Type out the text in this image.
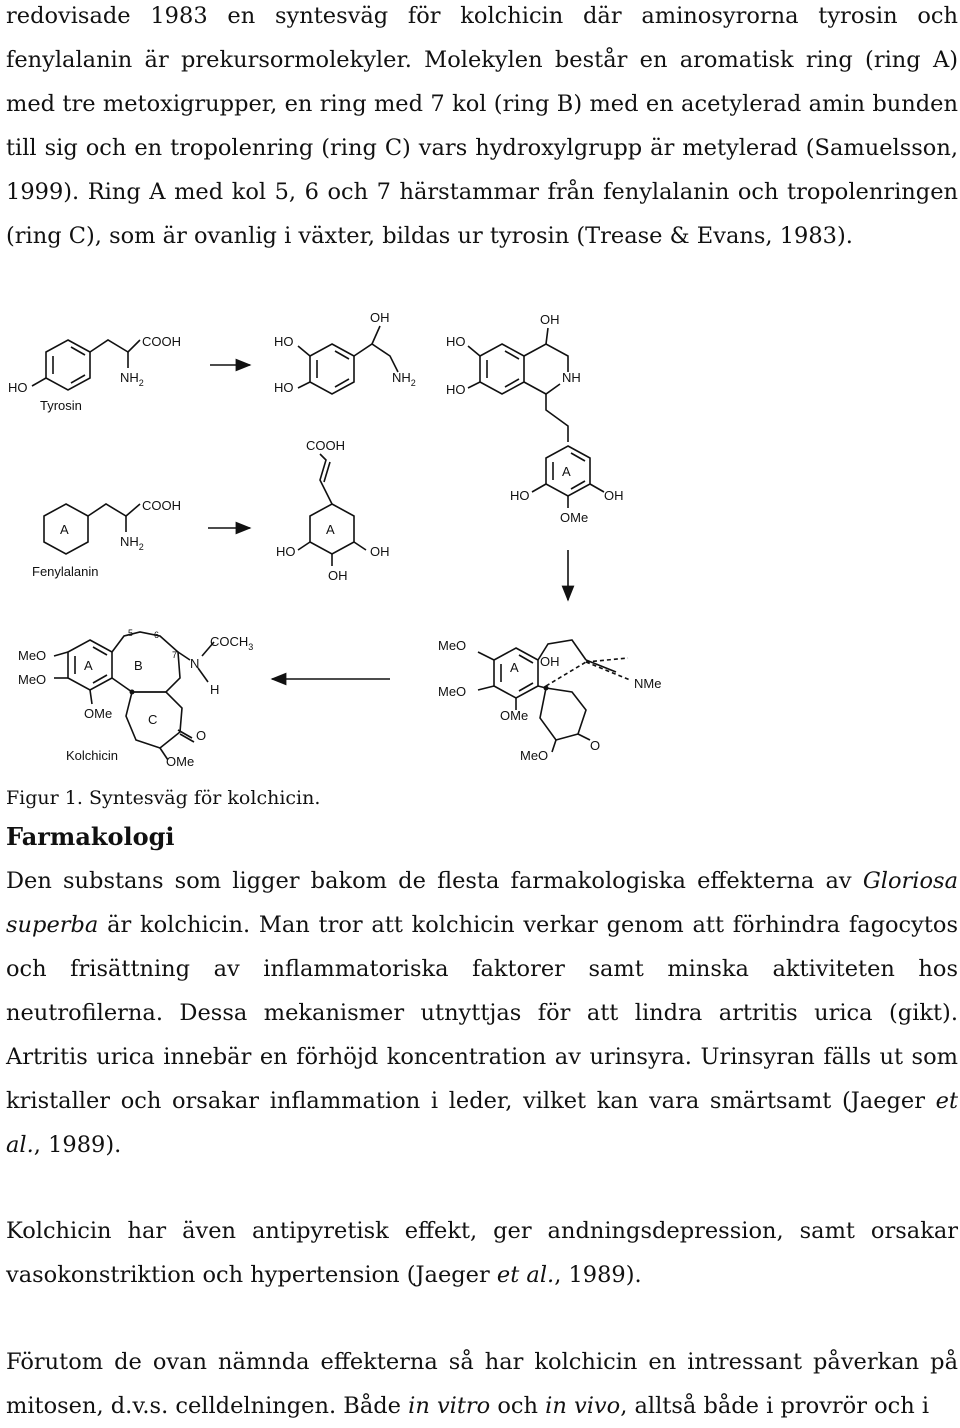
redovisade 1983 en syntesväg för kolchicin där aminosyrorna tyrosin och fenylalanin är prekursormolekyler. Molekylen består en aromatisk ring (ring A) med tre metoxigrupper, en ring med 7 kol (ring B) med en acetylerad amin bunden till sig och en tropolenring (ring C) vars hydroxylgrupp är metylerad (Samuelsson, 1999). Ring A med kol 5, 6 och 7 härstammar från fenylalanin och tropolenringen (ring C), som är ovanlig i växter, bildas ur tyrosin (Trease & Evans, 1983).

HO
COOH
$NH_2$
Tyrosin
HO
HO
OH
$NH_2$
HO
HO
OH
NH
A
HO	OH
OMe
A
COOH
$NH_2$
Fenylalanin
COOH
A
HO	OH
OH
MeO
MeO
A	B
C
OMe
OMe
O
N
H
$COCH_3$
Kolchicin
5 6
7
MeO
MeO
A OH
OMe
NMe
O
MeO

Figur 1. Syntesväg för kolchicin.

Farmakologi

Den substans som ligger bakom de flesta farmakologiska effekterna av Gloriosa superba är kolchicin. Man tror att kolchicin verkar genom att förhindra fagocytos och frisättning av inflammatoriska faktorer samt minska aktiviteten hos neutrofilerna. Dessa mekanismer utnyttjas för att lindra artritis urica (gikt). Artritis urica innebär en förhöjd koncentration av urinsyra. Urinsyran fälls ut som kristaller och orsakar inflammation i leder, vilket kan vara smärtsamt (Jaeger et al., 1989).

Kolchicin har även antipyretisk effekt, ger andningsdepression, samt orsakar vasokonstriktion och hypertension (Jaeger et al., 1989).

Förutom de ovan nämnda effekterna så har kolchicin en intressant påverkan på mitosen, d.v.s. celldelningen. Både in vitro och in vivo, alltså både i provrör och i
